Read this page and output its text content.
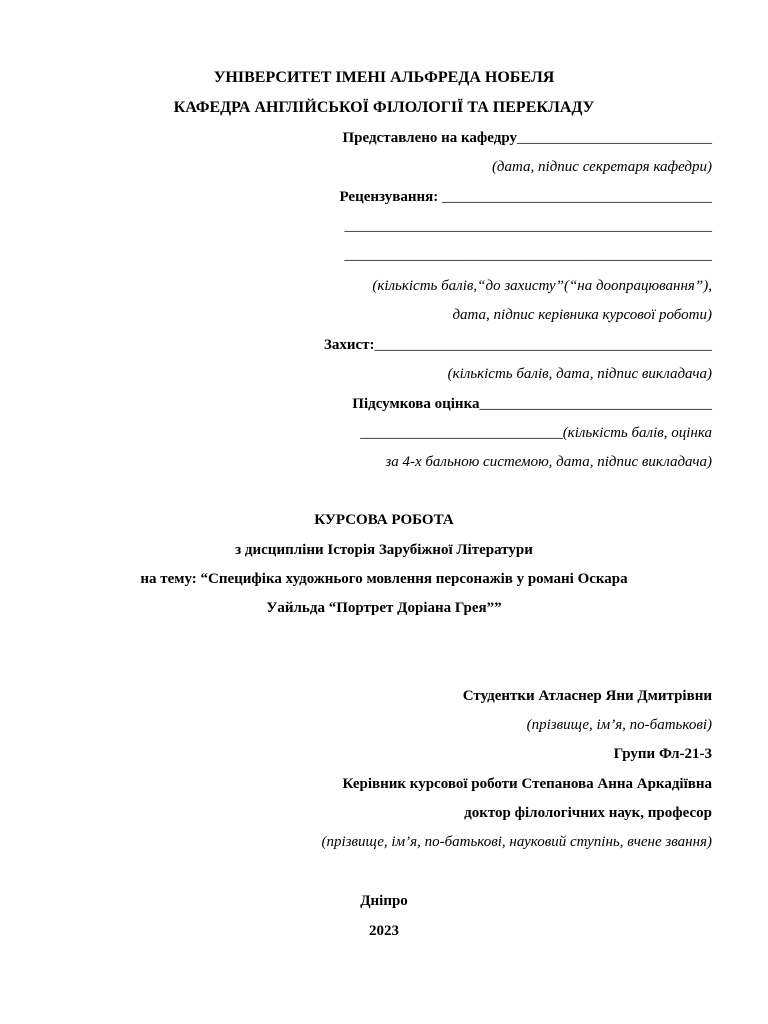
УНІВЕРСИТЕТ ІМЕНІ АЛЬФРЕДА НОБЕЛЯ
КАФЕДРА АНГЛІЙСЬКОЇ ФІЛОЛОГІЇ ТА ПЕРЕКЛАДУ
Представлено на кафедру__________________________
(дата, підпис секретаря кафедри)
Рецензування: ____________________________________
_________________________________________________
_________________________________________________
(кількість балів,“до захисту”(“на доопрацювання”),
дата, підпис керівника курсової роботи)
Захист:_____________________________________________
(кількість балів, дата, підпис викладача)
Підсумкова оцінка_______________________________
___________________________(кількість балів, оцінка
за 4-х бальною системою, дата, підпис викладача)
КУРСОВА РОБОТА
з дисципліни Історія Зарубіжної Літератури
на тему: “Специфіка художнього мовлення персонажів у романі Оскара
Уайльда “Портрет Доріана Грея””
Студентки Атласнер Яни Дмитрівни
(прізвище, ім’я, по-батькові)
Групи Фл-21-3
Керівник курсової роботи Степанова Анна Аркадіївна
доктор філологічних наук, професор
(прізвище, ім’я, по-батькові, науковий ступінь, вчене звання)
Дніпро
2023
